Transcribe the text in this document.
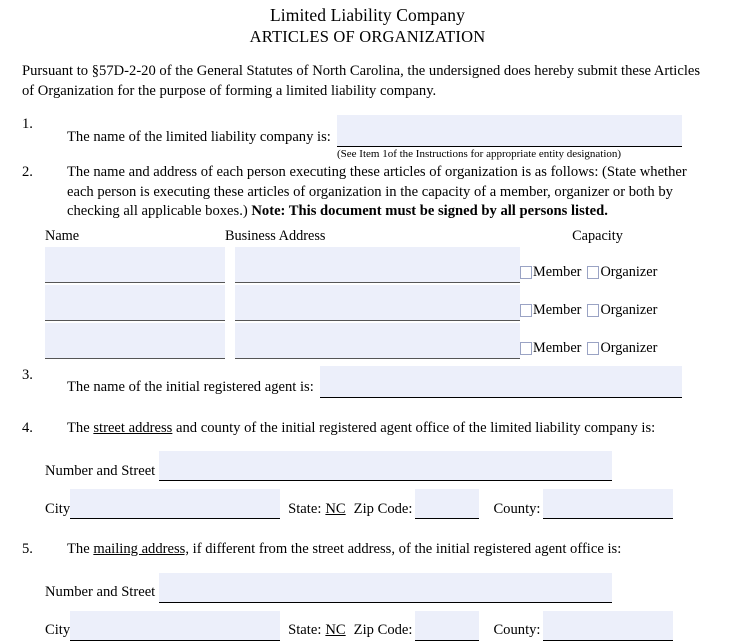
Limited Liability Company
ARTICLES OF ORGANIZATION
Pursuant to §57D-2-20 of the General Statutes of North Carolina, the undersigned does hereby submit these Articles of Organization for the purpose of forming a limited liability company.
1.
The name of the limited liability company is:
(See Item 1of the Instructions for appropriate entity designation)
2.	The name and address of each person executing these articles of organization is as follows: (State whether each person is executing these articles of organization in the capacity of a member, organizer or both by checking all applicable boxes.) Note: This document must be signed by all persons listed.
Name	Business Address	Capacity
Member Organizer
Member Organizer
Member Organizer
3.
The name of the initial registered agent is:
4.	The street address and county of the initial registered agent office of the limited liability company is:
Number and Street
City	State: NC Zip Code:	County:
5.	The mailing address, if different from the street address, of the initial registered agent office is:
Number and Street
City	State: NC Zip Code:	County:
